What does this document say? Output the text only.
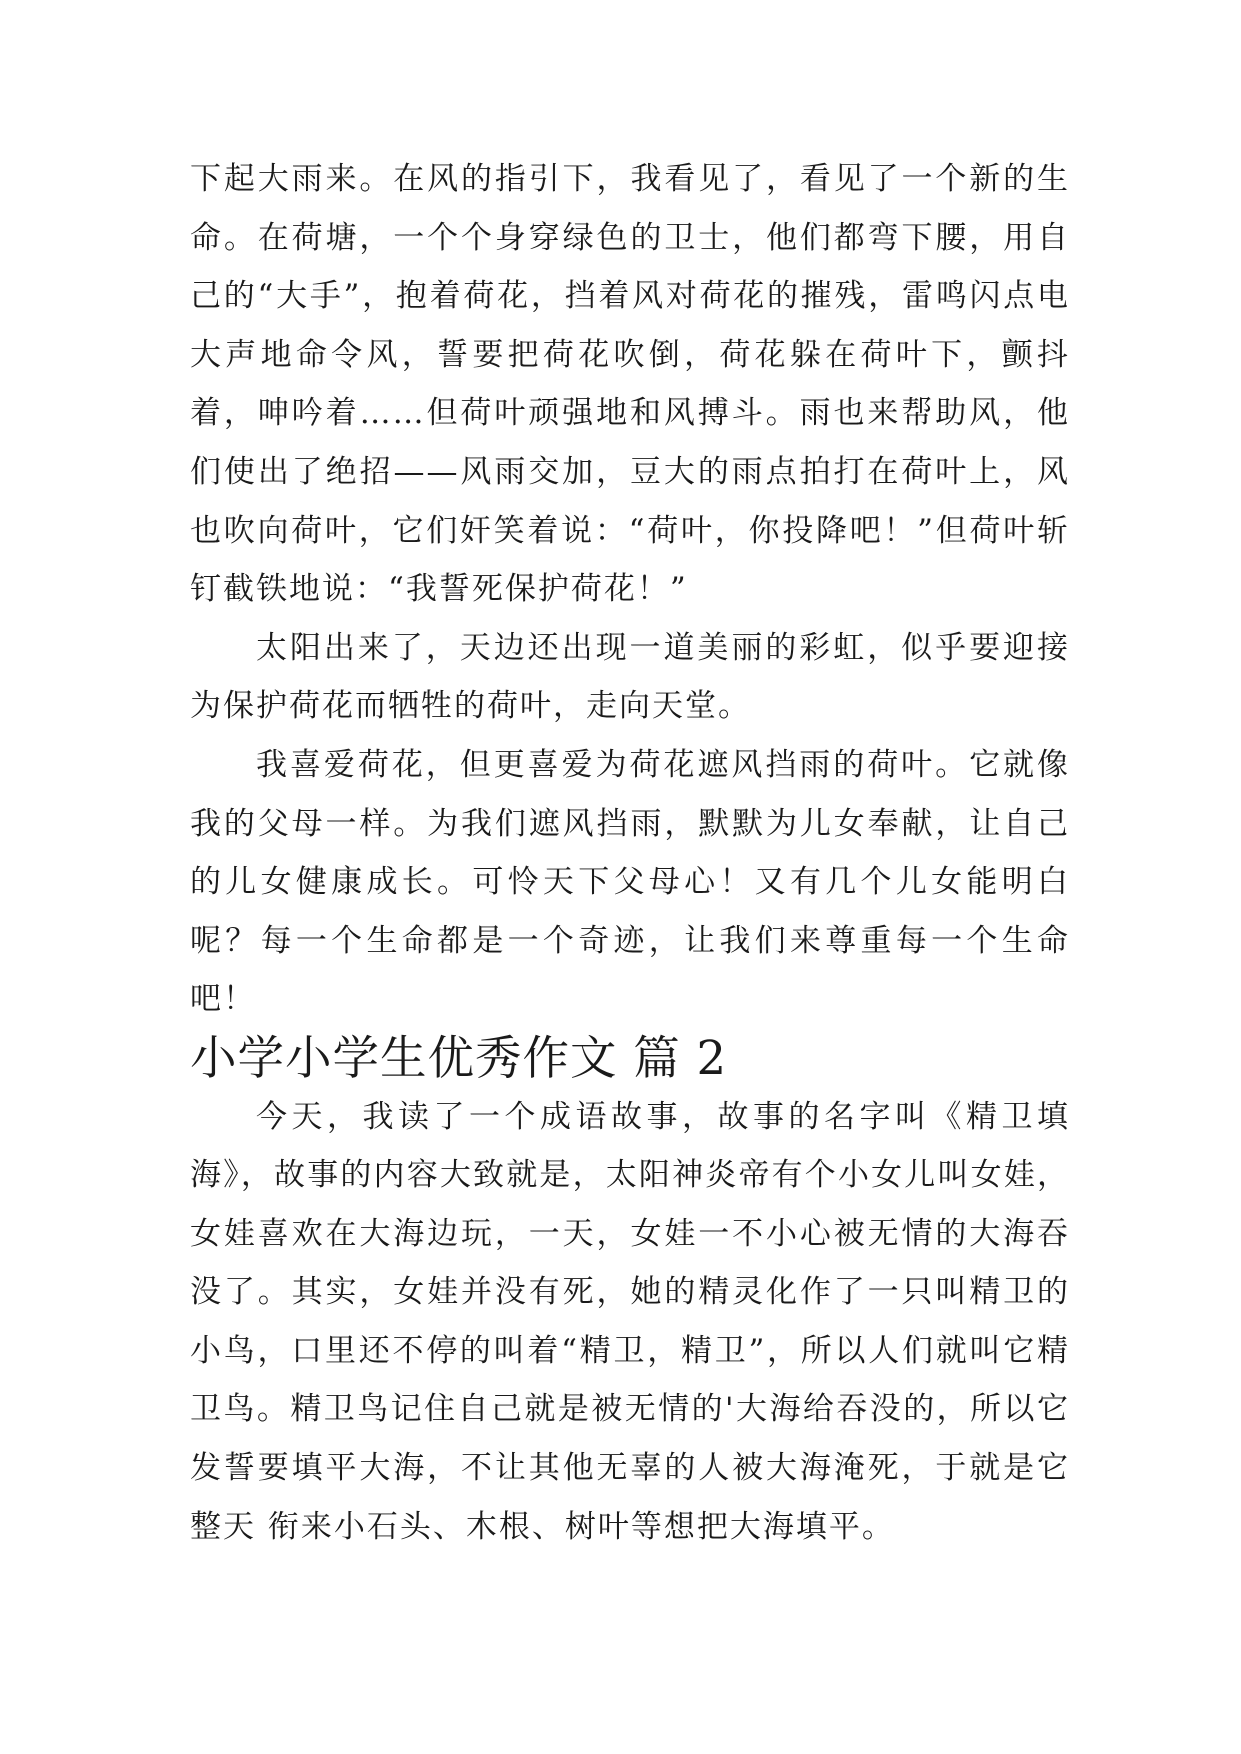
下起大雨来。在风的指引下，我看见了，看见了一个新的生命。在荷塘，一个个身穿绿色的卫士，他们都弯下腰，用自己的“大手”，抱着荷花，挡着风对荷花的摧残，雷鸣闪点电大声地命令风，誓要把荷花吹倒，荷花躲在荷叶下，颤抖着，呻吟着……但荷叶顽强地和风搏斗。雨也来帮助风，他们使出了绝招——风雨交加，豆大的雨点拍打在荷叶上，风也吹向荷叶，它们奸笑着说：“荷叶，你投降吧！”但荷叶斩钉截铁地说：“我誓死保护荷花！”

太阳出来了，天边还出现一道美丽的彩虹，似乎要迎接为保护荷花而牺牲的荷叶，走向天堂。

我喜爱荷花，但更喜爱为荷花遮风挡雨的荷叶。它就像我的父母一样。为我们遮风挡雨，默默为儿女奉献，让自己的儿女健康成长。可怜天下父母心！又有几个儿女能明白呢？每一个生命都是一个奇迹，让我们来尊重每一个生命吧！

小学小学生优秀作文 篇 2

今天，我读了一个成语故事，故事的名字叫《精卫填海》，故事的内容大致就是，太阳神炎帝有个小女儿叫女娃，女娃喜欢在大海边玩，一天，女娃一不小心被无情的大海吞没了。其实，女娃并没有死，她的精灵化作了一只叫精卫的小鸟，口里还不停的叫着“精卫，精卫”，所以人们就叫它精卫鸟。精卫鸟记住自己就是被无情的'大海给吞没的，所以它发誓要填平大海，不让其他无辜的人被大海淹死，于就是它整天 衔来小石头、木根、树叶等想把大海填平。
